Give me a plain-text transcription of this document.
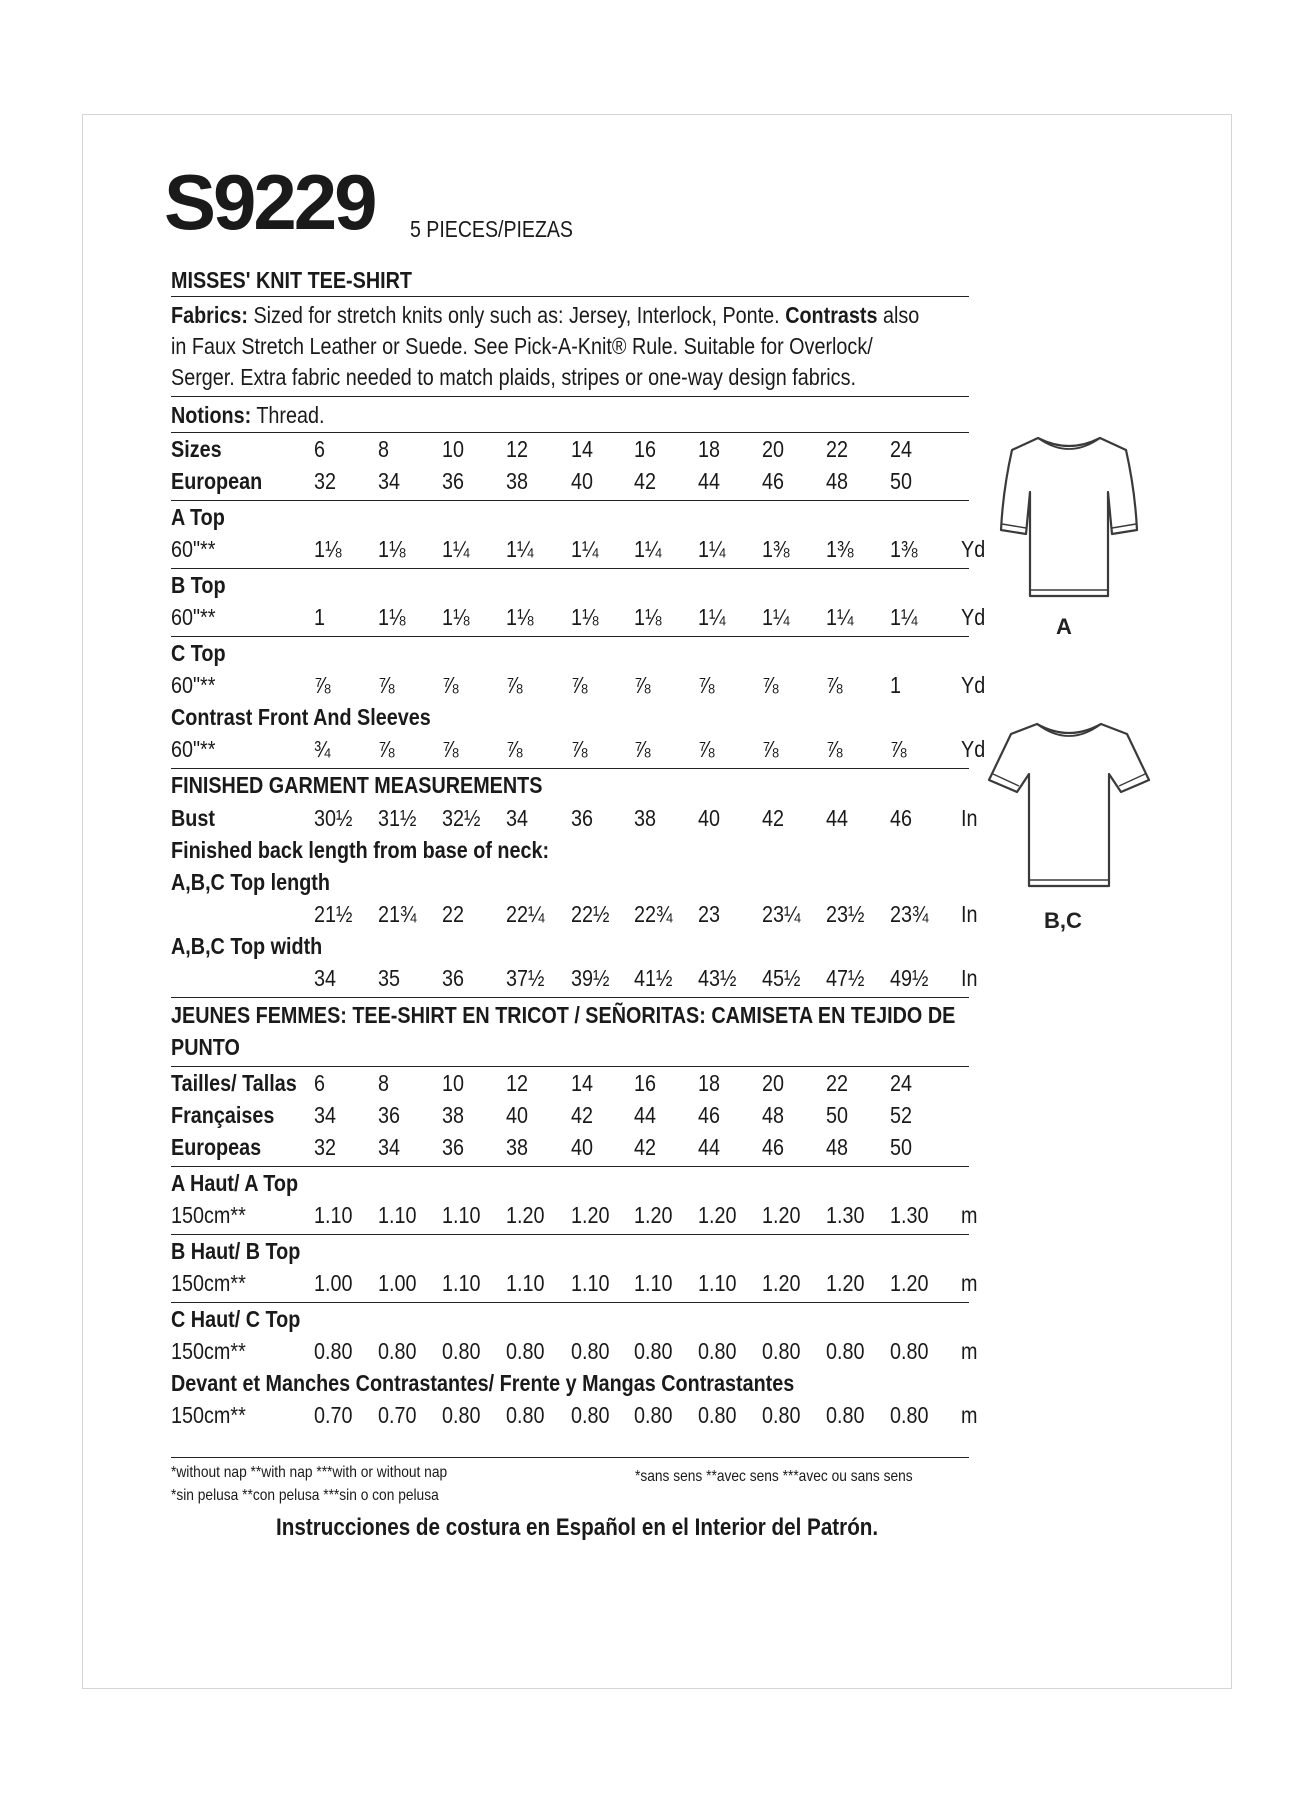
S9229 5 PIECES/PIEZAS
MISSES' KNIT TEE-SHIRT
Fabrics: Sized for stretch knits only such as: Jersey, Interlock, Ponte. Contrasts also
in Faux Stretch Leather or Suede. See Pick-A-Knit® Rule. Suitable for Overlock/
Serger. Extra fabric needed to match plaids, stripes or one-way design fabrics.
Notions: Thread.
Sizes	6 8 10 12 14 16 18 20 22 24
European 32 34 36 38 40 42 44 46 48 50
A Top
60"**	1⅛ 1⅛ 1¼ 1¼ 1¼ 1¼ 1¼ 1⅜ 1⅜ 1⅜ Yd
B Top
60"**	1 1⅛ 1⅛ 1⅛ 1⅛ 1⅛ 1¼ 1¼ 1¼ 1¼ Yd
C Top
60"**	⅞ ⅞ ⅞ ⅞ ⅞ ⅞ ⅞ ⅞ ⅞ 1	Yd
Contrast Front And Sleeves
60"**	¾ ⅞ ⅞ ⅞ ⅞ ⅞ ⅞ ⅞ ⅞ ⅞ Yd
FINISHED GARMENT MEASUREMENTS
Bust	30½ 31½ 32½ 34 36 38 40 42 44 46 In
Finished back length from base of neck:
A,B,C Top length
21½ 21¾ 22 22¼ 22½ 22¾ 23 23¼ 23½ 23¾ In
A,B,C Top width
34 35 36 37½ 39½ 41½ 43½ 45½ 47½ 49½ In
JEUNES FEMMES: TEE-SHIRT EN TRICOT / SEÑORITAS: CAMISETA EN TEJIDO DE
PUNTO
Tailles/ Tallas 6 8 10 12 14 16 18 20 22 24
Françaises 34 36 38 40 42 44 46 48 50 52
Europeas 32 34 36 38 40 42 44 46 48 50
A Haut/ A Top
150cm**	1.10 1.10 1.10 1.20 1.20 1.20 1.20 1.20 1.30 1.30 m
B Haut/ B Top
150cm**	1.00 1.00 1.10 1.10 1.10 1.10 1.10 1.20 1.20 1.20 m
C Haut/ C Top
150cm**	0.80 0.80 0.80 0.80 0.80 0.80 0.80 0.80 0.80 0.80 m
Devant et Manches Contrastantes/ Frente y Mangas Contrastantes
150cm**	0.70 0.70 0.80 0.80 0.80 0.80 0.80 0.80 0.80 0.80 m
*without nap **with nap ***with or without nap
*sin pelusa **con pelusa ***sin o con pelusa
*sans sens **avec sens ***avec ou sans sens
Instrucciones de costura en Español en el Interior del Patrón.
A
B,C
